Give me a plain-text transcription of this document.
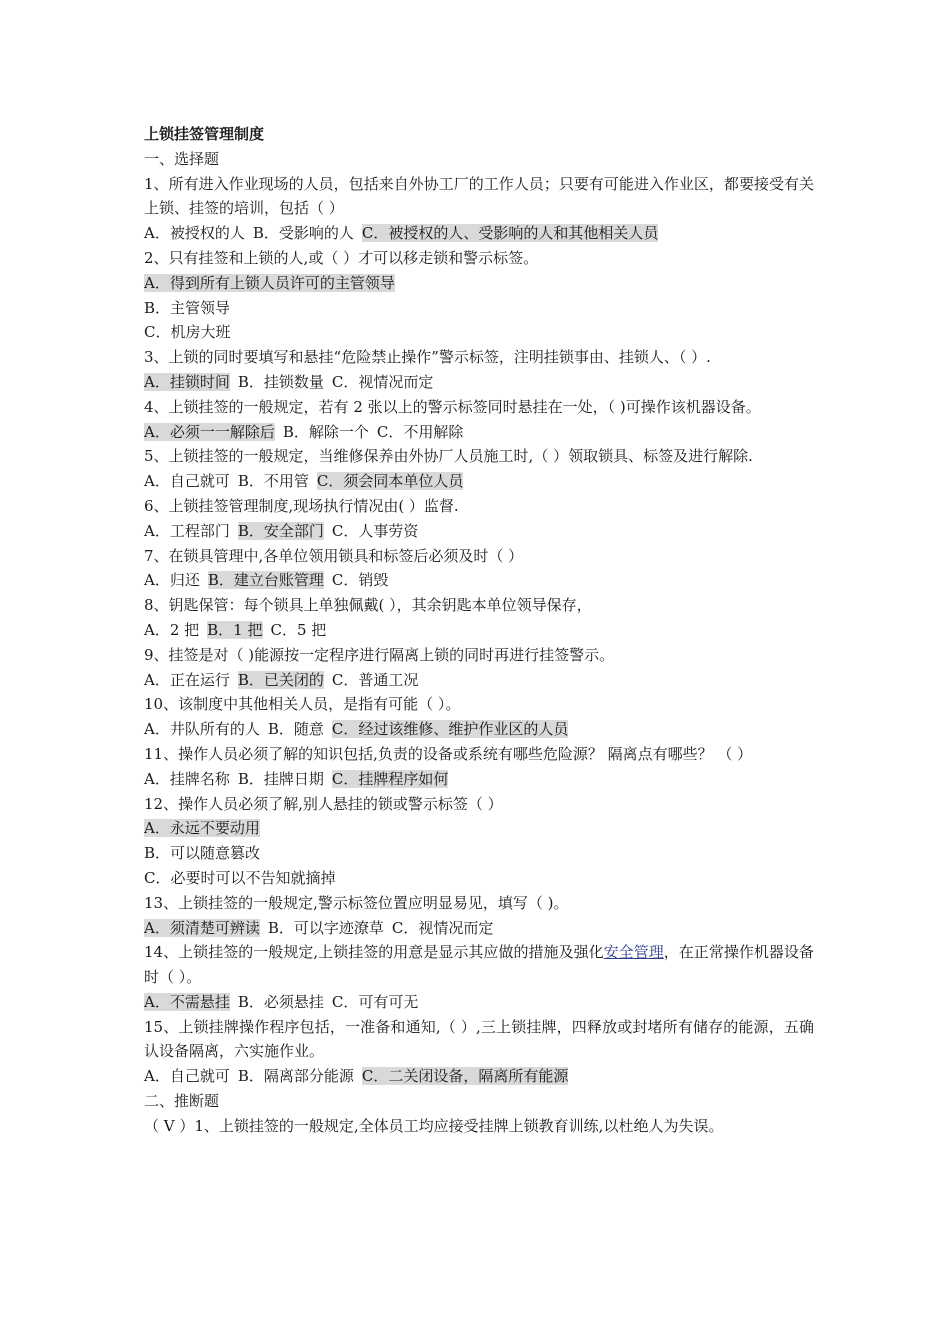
上锁挂签管理制度
一、选择题
1、所有进入作业现场的人员，包括来自外协工厂的工作人员；只要有可能进入作业区，都要接受有关上锁、挂签的培训，包括（ ）
A．被授权的人 B．受影响的人 C．被授权的人、受影响的人和其他相关人员
2、只有挂签和上锁的人,或（ ）才可以移走锁和警示标签。
A．得到所有上锁人员许可的主管领导
B．主管领导
C．机房大班
3、上锁的同时要填写和悬挂“危险禁止操作”警示标签，注明挂锁事由、挂锁人、（ ）.
A．挂锁时间 B．挂锁数量 C．视情况而定
4、上锁挂签的一般规定，若有 2 张以上的警示标签同时悬挂在一处，（ )可操作该机器设备。
A．必须一一解除后 B．解除一个 C．不用解除
5、上锁挂签的一般规定，当维修保养由外协厂人员施工时,（ ）领取锁具、标签及进行解除.
A．自己就可 B．不用管 C．须会同本单位人员
6、上锁挂签管理制度,现场执行情况由( ）监督.
A．工程部门 B．安全部门 C．人事劳资
7、在锁具管理中,各单位领用锁具和标签后必须及时（ ）
A．归还 B．建立台账管理 C．销毁
8、钥匙保管：每个锁具上单独佩戴( ），其余钥匙本单位领导保存，
A．2 把 B．1 把 C．5 把
9、挂签是对（ )能源按一定程序进行隔离上锁的同时再进行挂签警示。
A．正在运行 B．已关闭的 C．普通工况
10、该制度中其他相关人员，是指有可能（ ）。
A．井队所有的人 B．随意 C．经过该维修、维护作业区的人员
11、操作人员必须了解的知识包括,负责的设备或系统有哪些危险源？ 隔离点有哪些？ （ ）
A．挂牌名称 B．挂牌日期 C．挂牌程序如何
12、操作人员必须了解,别人悬挂的锁或警示标签（ ）
A．永远不要动用
B．可以随意篡改
C．必要时可以不告知就摘掉
13、上锁挂签的一般规定,警示标签位置应明显易见，填写（ )。
A．须清楚可辨读 B．可以字迹潦草 C．视情况而定
14、上锁挂签的一般规定,上锁挂签的用意是显示其应做的措施及强化安全管理，在正常操作机器设备时（ ）。
A．不需悬挂 B．必须悬挂 C．可有可无
15、上锁挂牌操作程序包括，一准备和通知,（ ）,三上锁挂牌，四释放或封堵所有储存的能源，五确认设备隔离，六实施作业。
A．自己就可 B．隔离部分能源 C．二关闭设备，隔离所有能源
二、推断题
（ V ）1、上锁挂签的一般规定,全体员工均应接受挂牌上锁教育训练,以杜绝人为失误。
